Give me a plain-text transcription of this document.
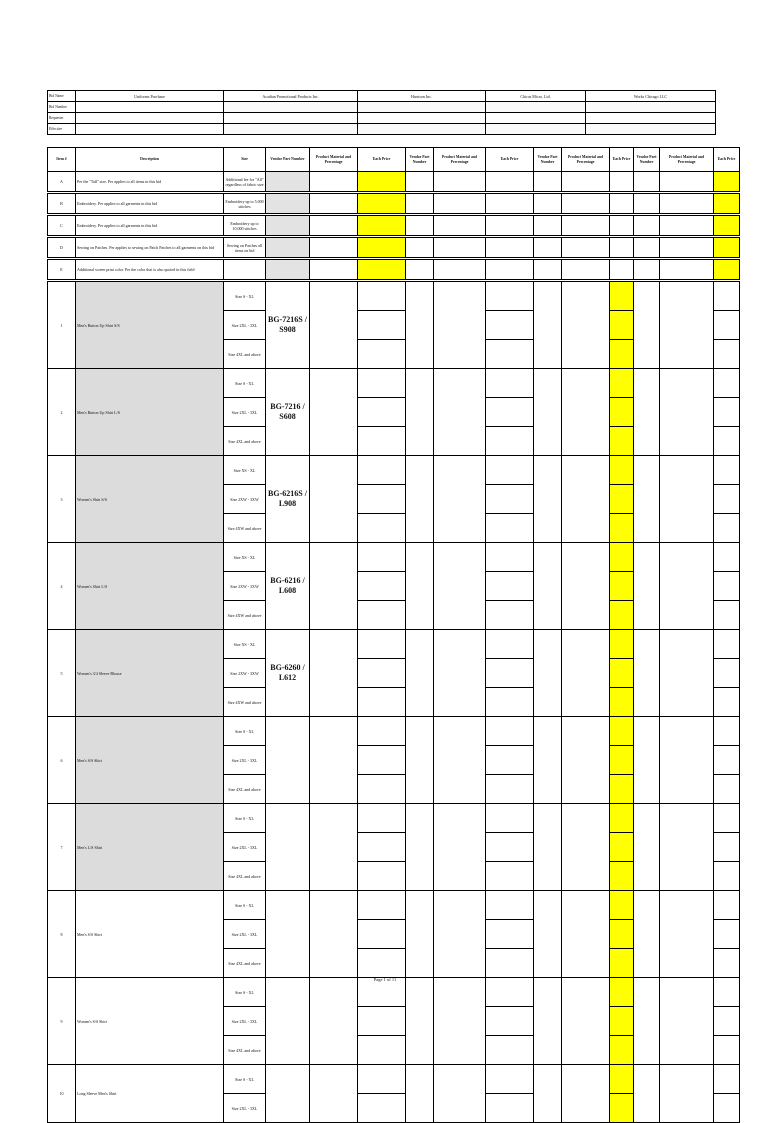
Bid Name	Uniforms Purchase	Acadian Promotional Products Inc.	Harrison Inc.	Chicas Micro, Ltd.	Works Chicago LLC
Bid Number					
Requester					
Effective					
Item #	Description	Size	Vendor Part Number	Product Material and Percentage	Each Price	Vendor Part Number	Product Material and Percentage	Each Price	Vendor Part Number	Product Material and Percentage	Each Price	Vendor Part Number	Product Material and Percentage	Each Price
A	Per the "Tall" size. Per applies to all items in this bid	Additional fee for "All" regardless of fabric size												

B	Embroidery. Per applies to all garments in this bid	Embroidery up to 5,000 stitches												

C	Embroidery. Per applies to all garments in this bid	Embroidery up to 10,000 stitches												

D	Sewing on Patches. Per applies to sewing on Patch Patches to all garments on this bid	Sewing on Patches all items on bid												

E	Additional screen print color. Per the color that is also quoted in this field													

1	Men's Button Up Shirt S/S	Size S - XL	BG-7216S / S908											
		Size 2XL - 3XL												
		Size 4XL and above												
2	Men's Button Up Shirt L/S	Size S - XL	BG-7216 / S608											
		Size 2XL - 3XL												
		Size 4XL and above												
3	Women's Shirt S/S	Size XS - XL	BG-6216S / L908											
		Size 2XW - 3XW												
		Size 4XW and above												
4	Women's Shirt L/S	Size XS - XL	BG-6216 / L608											
		Size 2XW - 3XW												
		Size 4XW and above												
5	Women's 3/4 Sleeve Blouse	Size XS - XL	BG-6260 / L612											
		Size 2XW - 3XW												
		Size 4XW and above												
6	Men's S/S Shirt	Size S - XL												
		Size 2XL - 3XL												
		Size 4XL and above												
7	Men's L/S Shirt	Size S - XL												
		Size 2XL - 3XL												
		Size 4XL and above												
8	Men's S/S Shirt	Size S - XL												
		Size 2XL - 3XL												
		Size 4XL and above												
9	Women's S/S Shirt	Size S - XL												
		Size 2XL - 3XL												
		Size 4XL and above												
10	Long Sleeve Men's Shirt	Size S - XL												
		Size 2XL - 3XL												
Page 1 of 11
